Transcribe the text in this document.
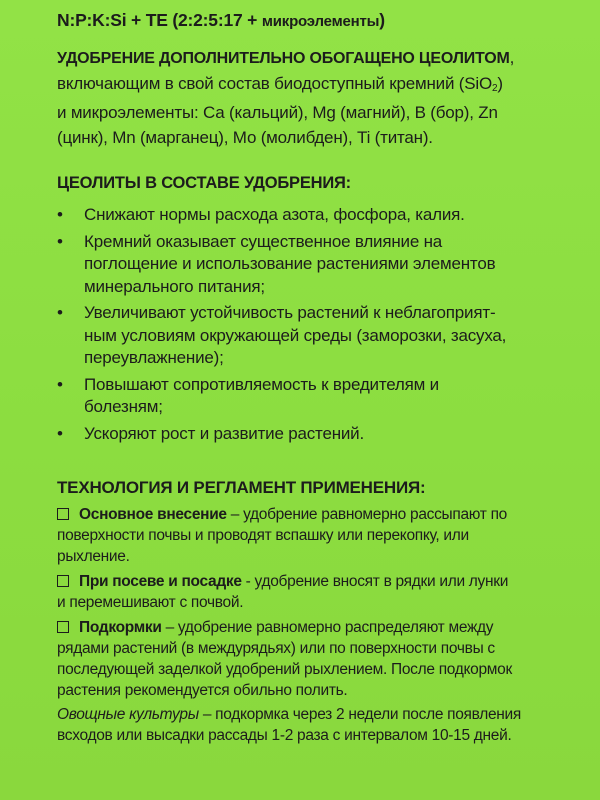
N:P:K:Si + TE (2:2:5:17 + микроэлементы)
УДОБРЕНИЕ ДОПОЛНИТЕЛЬНО ОБОГАЩЕНО ЦЕОЛИТОМ,
включающим в свой состав биодоступный кремний (SiO$_2$)
и микроэлементы: Са (кальций), Mg (магний), В (бор), Zn
(цинк), Mn (марганец), Мо (молибден), Ti (титан).
ЦЕОЛИТЫ В СОСТАВЕ УДОБРЕНИЯ:
• Снижают нормы расхода азота, фосфора, калия.
• Кремний оказывает существенное влияние на
поглощение и использование растениями элементов
минерального питания;
• Увеличивают устойчивость растений к неблагоприят-
ным условиям окружающей среды (заморозки, засуха,
переувлажнение);
• Повышают сопротивляемость к вредителям и
болезням;
• Ускоряют рост и развитие растений.
ТЕХНОЛОГИЯ И РЕГЛАМЕНТ ПРИМЕНЕНИЯ:
Основное внесение – удобрение равномерно рассыпают по
поверхности почвы и проводят вспашку или перекопку, или
рыхление.
При посеве и посадке - удобрение вносят в рядки или лунки
и перемешивают с почвой.
Подкормки – удобрение равномерно распределяют между
рядами растений (в междурядьях) или по поверхности почвы с
последующей заделкой удобрений рыхлением. После подкормок
растения рекомендуется обильно полить.
Овощные культуры – подкормка через 2 недели после появления
всходов или высадки рассады 1-2 раза с интервалом 10-15 дней.
